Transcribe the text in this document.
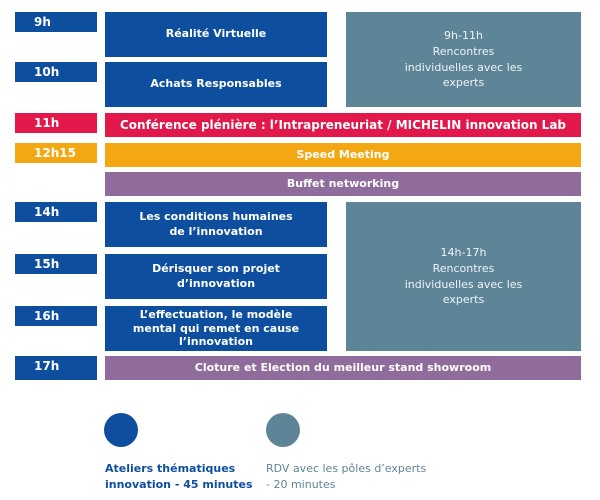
9h
10h
11h
12h15
14h
15h
16h
17h
Réalité Virtuelle
Achats Responsables
9h-11h
Rencontres
individuelles avec les
experts
Conférence plénière : l’Intrapreneuriat / MICHELIN innovation Lab
Speed Meeting
Buffet networking
Les conditions humaines
de l’innovation
Dérisquer son projet
d’innovation
L’effectuation, le modèle
mental qui remet en cause
l’innovation
14h-17h
Rencontres
individuelles avec les
experts
Cloture et Election du meilleur stand showroom
Ateliers thématiques
innovation - 45 minutes
RDV avec les pôles d’experts
- 20 minutes
